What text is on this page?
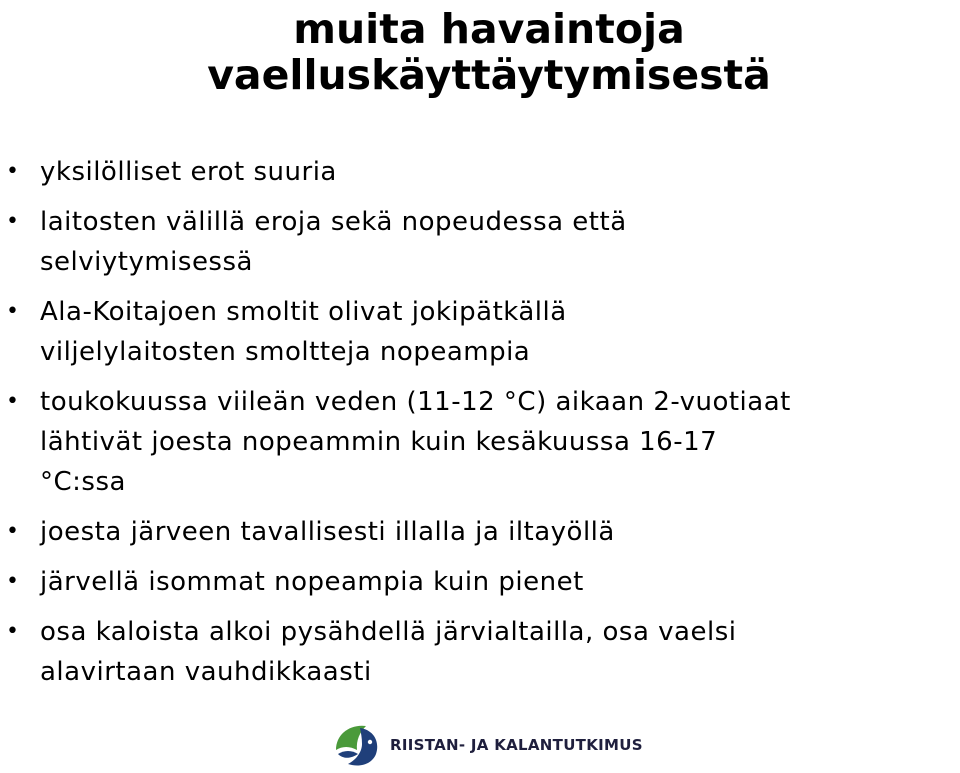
muita havaintoja
vaelluskäyttäytymisestä
• yksilölliset erot suuria
• laitosten välillä eroja sekä nopeudessa että
selviytymisessä
• Ala-Koitajoen smoltit olivat jokipätkällä
viljelylaitosten smoltteja nopeampia
• toukokuussa viileän veden (11-12 °C) aikaan 2-vuotiaat
lähtivät joesta nopeammin kuin kesäkuussa 16-17
°C:ssa
• joesta järveen tavallisesti illalla ja iltayöllä
• järvellä isommat nopeampia kuin pienet
• osa kaloista alkoi pysähdellä järvialtailla, osa vaelsi
alavirtaan vauhdikkaasti
RIISTAN- JA KALANTUTKIMUS
